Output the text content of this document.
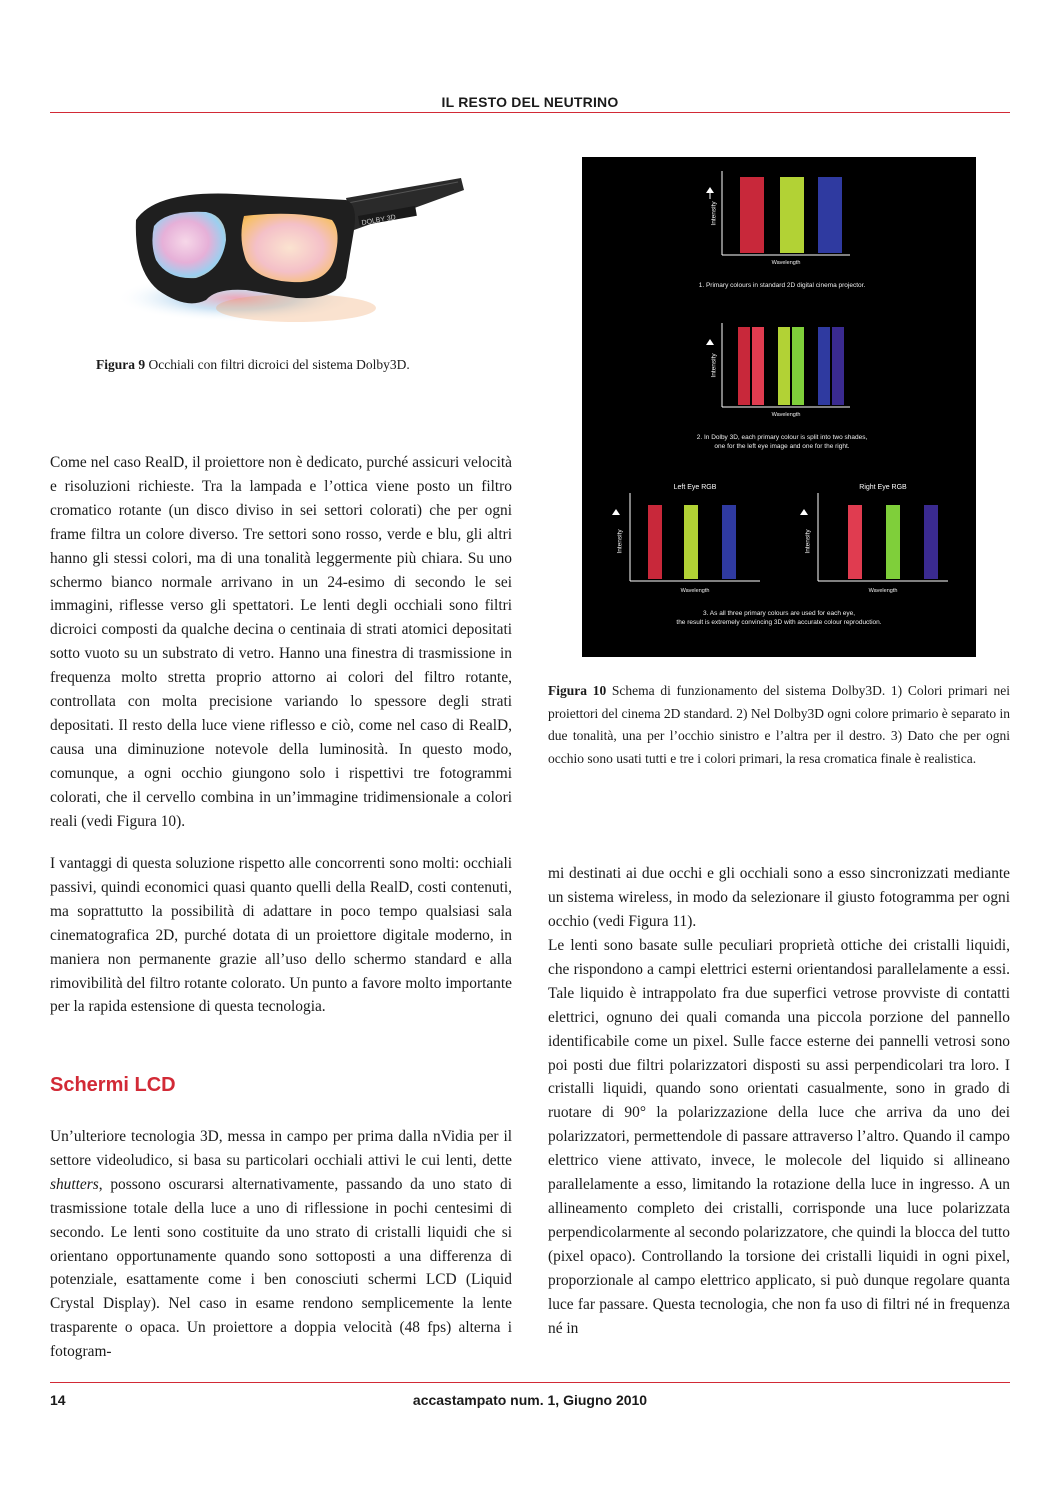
IL RESTO DEL NEUTRINO
DOLBY 3D
Figura 9 Occhiali con filtri dicroici del sistema Dolby3D.
Intensity
Wavelength
1. Primary colours in standard 2D digital cinema projector.
Intensity
Wavelength
2. In Dolby 3D, each primary colour is split into two shades,
one for the left eye image and one for the right.
Left Eye RGB	Right Eye RGB
Intensity	Intensity
Wavelength	Wavelength
3. As all three primary colours are used for each eye,
the result is extremely convincing 3D with accurate colour reproduction.
Figura 10 Schema di funzionamento del sistema Dolby3D. 1) Colori primari nei proiettori del cinema 2D standard. 2) Nel Dolby3D ogni colore primario è separato in due tonalità, una per l’occhio sinistro e l’altra per il destro. 3) Dato che per ogni occhio sono usati tutti e tre i colori primari, la resa cromatica finale è realistica.

Come nel caso RealD, il proiettore non è dedicato, purché assicuri velocità e risoluzioni richieste. Tra la lampada e l’ottica viene posto un filtro cromatico rotante (un disco diviso in sei settori colorati) che per ogni frame filtra un colore diverso. Tre settori sono rosso, verde e blu, gli altri hanno gli stessi colori, ma di una tonalità leggermente più chiara. Su uno schermo bianco normale arrivano in un 24-esimo di secondo le sei immagini, riflesse verso gli spettatori. Le lenti degli occhiali sono filtri dicroici composti da qualche decina o centinaia di strati atomici depositati sotto vuoto su un substrato di vetro. Hanno una finestra di trasmissione in frequenza molto stretta proprio attorno ai colori del filtro rotante, controllata con molta precisione variando lo spessore degli strati depositati. Il resto della luce viene riflesso e ciò, come nel caso di RealD, causa una diminuzione notevole della luminosità. In questo modo, comunque, a ogni occhio giungono solo i rispettivi tre fotogrammi colorati, che il cervello combina in un’immagine tridimensionale a colori reali (vedi Figura 10).

I vantaggi di questa soluzione rispetto alle concorrenti sono molti: occhiali passivi, quindi economici quasi quanto quelli della RealD, costi contenuti, ma soprattutto la possibilità di adattare in poco tempo qualsiasi sala cinematografica 2D, purché dotata di un proiettore digitale moderno, in maniera non permanente grazie all’uso dello schermo standard e alla rimovibilità del filtro rotante colorato. Un punto a favore molto importante per la rapida estensione di questa tecnologia.

Schermi LCD

Un’ulteriore tecnologia 3D, messa in campo per prima dalla nVidia per il settore videoludico, si basa su particolari occhiali attivi le cui lenti, dette shutters, possono oscurarsi alternativamente, passando da uno stato di trasmissione totale della luce a uno di riflessione in pochi centesimi di secondo. Le lenti sono costituite da uno strato di cristalli liquidi che si orientano opportunamente quando sono sottoposti a una differenza di potenziale, esattamente come i ben conosciuti schermi LCD (Liquid Crystal Display). Nel caso in esame rendono semplicemente la lente trasparente o opaca. Un proiettore a doppia velocità (48 fps) alterna i fotogram-

mi destinati ai due occhi e gli occhiali sono a esso sincronizzati mediante un sistema wireless, in modo da selezionare il giusto fotogramma per ogni occhio (vedi Figura 11).

Le lenti sono basate sulle peculiari proprietà ottiche dei cristalli liquidi, che rispondono a campi elettrici esterni orientandosi parallelamente a essi. Tale liquido è intrappolato fra due superfici vetrose provviste di contatti elettrici, ognuno dei quali comanda una piccola porzione del pannello identificabile come un pixel. Sulle facce esterne dei pannelli vetrosi sono poi posti due filtri polarizzatori disposti su assi perpendicolari tra loro. I cristalli liquidi, quando sono orientati casualmente, sono in grado di ruotare di 90° la polarizzazione della luce che arriva da uno dei polarizzatori, permettendole di passare attraverso l’altro. Quando il campo elettrico viene attivato, invece, le molecole del liquido si allineano parallelamente a esso, limitando la rotazione della luce in ingresso. A un allineamento completo dei cristalli, corrisponde una luce polarizzata perpendicolarmente al secondo polarizzatore, che quindi la blocca del tutto (pixel opaco). Controllando la torsione dei cristalli liquidi in ogni pixel, proporzionale al campo elettrico applicato, si può dunque regolare quanta luce far passare. Questa tecnologia, che non fa uso di filtri né in frequenza né in

14	accastampato num. 1, Giugno 2010
